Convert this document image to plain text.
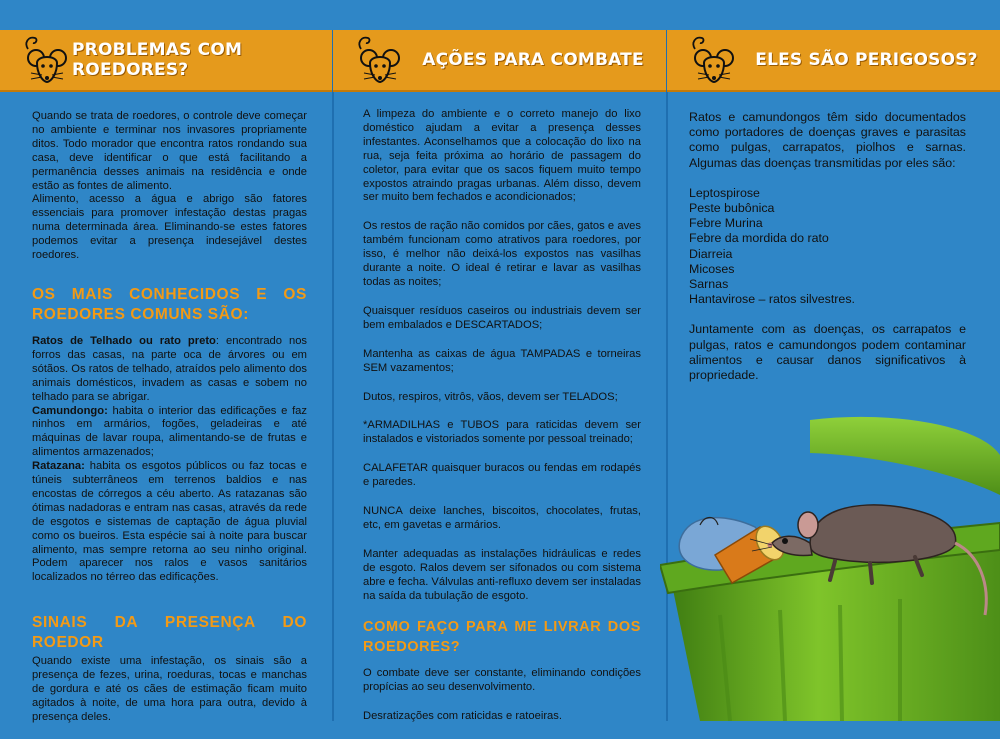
PROBLEMAS COM ROEDORES?
Quando se trata de roedores, o controle deve começar no ambiente e terminar nos invasores propriamente ditos. Todo morador que encontra ratos rondando sua casa, deve identificar o que está facilitando a permanência desses animais na residência e onde estão as fontes de alimento.
Alimento, acesso a água e abrigo são fatores essenciais para promover infestação destas pragas numa determinada área. Eliminando-se estes fatores podemos evitar a presença indesejável destes roedores.
OS MAIS CONHECIDOS E OS ROEDORES COMUNS SÃO:
Ratos de Telhado ou rato preto: encontrado nos forros das casas, na parte oca de árvores ou em sótãos. Os ratos de telhado, atraídos pelo alimento dos animais domésticos, invadem as casas e sobem no telhado para se abrigar.
Camundongo: habita o interior das edificações e faz ninhos em armários, fogões, geladeiras e até máquinas de lavar roupa, alimentando-se de frutas e alimentos armazenados;
Ratazana: habita os esgotos públicos ou faz tocas e túneis subterrâneos em terrenos baldios e nas encostas de córregos a céu aberto. As ratazanas são ótimas nadadoras e entram nas casas, através da rede de esgotos e sistemas de captação de água pluvial como os bueiros. Esta espécie sai à noite para buscar alimento, mas sempre retorna ao seu ninho original. Podem aparecer nos ralos e vasos sanitários localizados no térreo das edificações.
SINAIS DA PRESENÇA DO ROEDOR
Quando existe uma infestação, os sinais são a presença de fezes, urina, roeduras, tocas e manchas de gordura e até os cães de estimação ficam muito agitados à noite, de uma hora para outra, devido à presença deles.
AÇÕES PARA COMBATE

A limpeza do ambiente e o correto manejo do lixo doméstico ajudam a evitar a presença desses infestantes. Aconselhamos que a colocação do lixo na rua, seja feita próxima ao horário de passagem do coletor, para evitar que os sacos fiquem muito tempo expostos atraindo pragas urbanas. Além disso, devem ser muito bem fechados e acondicionados;

Os restos de ração não comidos por cães, gatos e aves também funcionam como atrativos para roedores, por isso, é melhor não deixá-los expostos nas vasilhas durante a noite. O ideal é retirar e lavar as vasilhas todas as noites;

Quaisquer resíduos caseiros ou industriais devem ser bem embalados e DESCARTADOS;

Mantenha as caixas de água TAMPADAS e torneiras SEM vazamentos;

Dutos, respiros, vitrôs, vãos, devem ser TELADOS;

*ARMADILHAS e TUBOS para raticidas devem ser instalados e vistoriados somente por pessoal treinado;

CALAFETAR quaisquer buracos ou fendas em rodapés e paredes.

NUNCA deixe lanches, biscoitos, chocolates, frutas, etc, em gavetas e armários.

Manter adequadas as instalações hidráulicas e redes de esgoto. Ralos devem ser sifonados ou com sistema abre e fecha. Válvulas anti-refluxo devem ser instaladas na saída da tubulação de esgoto.

COMO FAÇO PARA ME LIVRAR DOS ROEDORES?

O combate deve ser constante, eliminando condições propícias ao seu desenvolvimento.

Desratizações com raticidas e ratoeiras.

ELES SÃO PERIGOSOS?

Ratos e camundongos têm sido documentados como portadores de doenças graves e parasitas como pulgas, carrapatos, piolhos e sarnas. Algumas das doenças transmitidas por eles são:

Leptospirose
Peste bubônica
Febre Murina
Febre da mordida do rato
Diarreia
Micoses
Sarnas
Hantavirose – ratos silvestres.

Juntamente com as doenças, os carrapatos e pulgas, ratos e camundongos podem contaminar alimentos e causar danos significativos à propriedade.
